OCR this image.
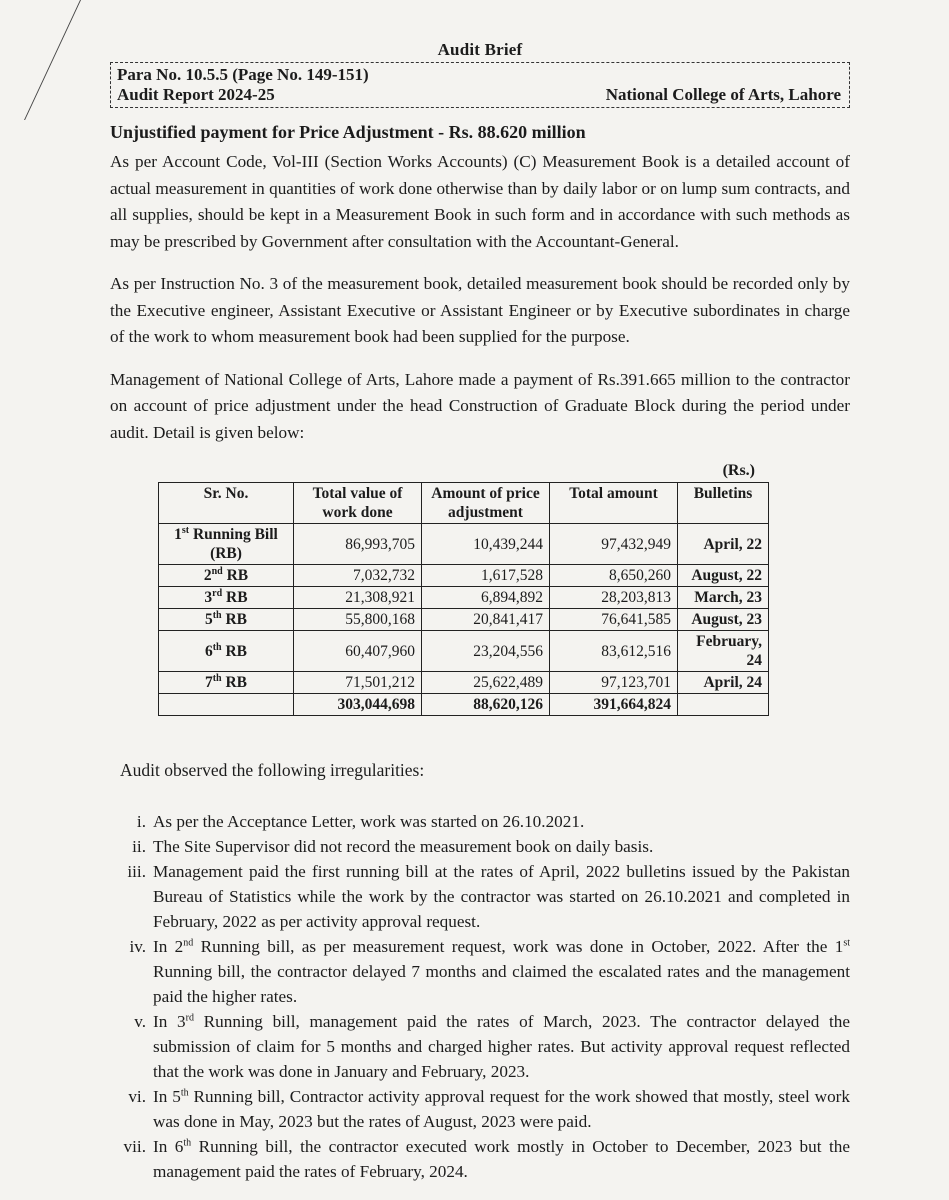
Audit Brief
Para No. 10.5.5 (Page No. 149-151)
Audit Report 2024-25	National College of Arts, Lahore
Unjustified payment for Price Adjustment - Rs. 88.620 million

As per Account Code, Vol-III (Section Works Accounts) (C) Measurement Book is a detailed account of actual measurement in quantities of work done otherwise than by daily labor or on lump sum contracts, and all supplies, should be kept in a Measurement Book in such form and in accordance with such methods as may be prescribed by Government after consultation with the Accountant-General.

As per Instruction No. 3 of the measurement book, detailed measurement book should be recorded only by the Executive engineer, Assistant Executive or Assistant Engineer or by Executive subordinates in charge of the work to whom measurement book had been supplied for the purpose.

Management of National College of Arts, Lahore made a payment of Rs.391.665 million to the contractor on account of price adjustment under the head Construction of Graduate Block during the period under audit. Detail is given below:

(Rs.)
Sr. No.	Total value of work done	Amount of price adjustment	Total amount	Bulletins
1st Running Bill (RB)	86,993,705	10,439,244	97,432,949	April, 22
2nd RB	7,032,732	1,617,528	8,650,260	August, 22
3rd RB	21,308,921	6,894,892	28,203,813	March, 23
5th RB	55,800,168	20,841,417	76,641,585	August, 23
6th RB	60,407,960	23,204,556	83,612,516	February, 24
7th RB	71,501,212	25,622,489	97,123,701	April, 24
	303,044,698	88,620,126	391,664,824	
Audit observed the following irregularities:
i. As per the Acceptance Letter, work was started on 26.10.2021.
ii. The Site Supervisor did not record the measurement book on daily basis.
iii. Management paid the first running bill at the rates of April, 2022 bulletins issued by the Pakistan Bureau of Statistics while the work by the contractor was started on 26.10.2021 and completed in February, 2022 as per activity approval request.
iv. In 2nd Running bill, as per measurement request, work was done in October, 2022. After the 1st Running bill, the contractor delayed 7 months and claimed the escalated rates and the management paid the higher rates.
v. In 3rd Running bill, management paid the rates of March, 2023. The contractor delayed the submission of claim for 5 months and charged higher rates. But activity approval request reflected that the work was done in January and February, 2023.
vi. In 5th Running bill, Contractor activity approval request for the work showed that mostly, steel work was done in May, 2023 but the rates of August, 2023 were paid.
vii. In 6th Running bill, the contractor executed work mostly in October to December, 2023 but the management paid the rates of February, 2024.
